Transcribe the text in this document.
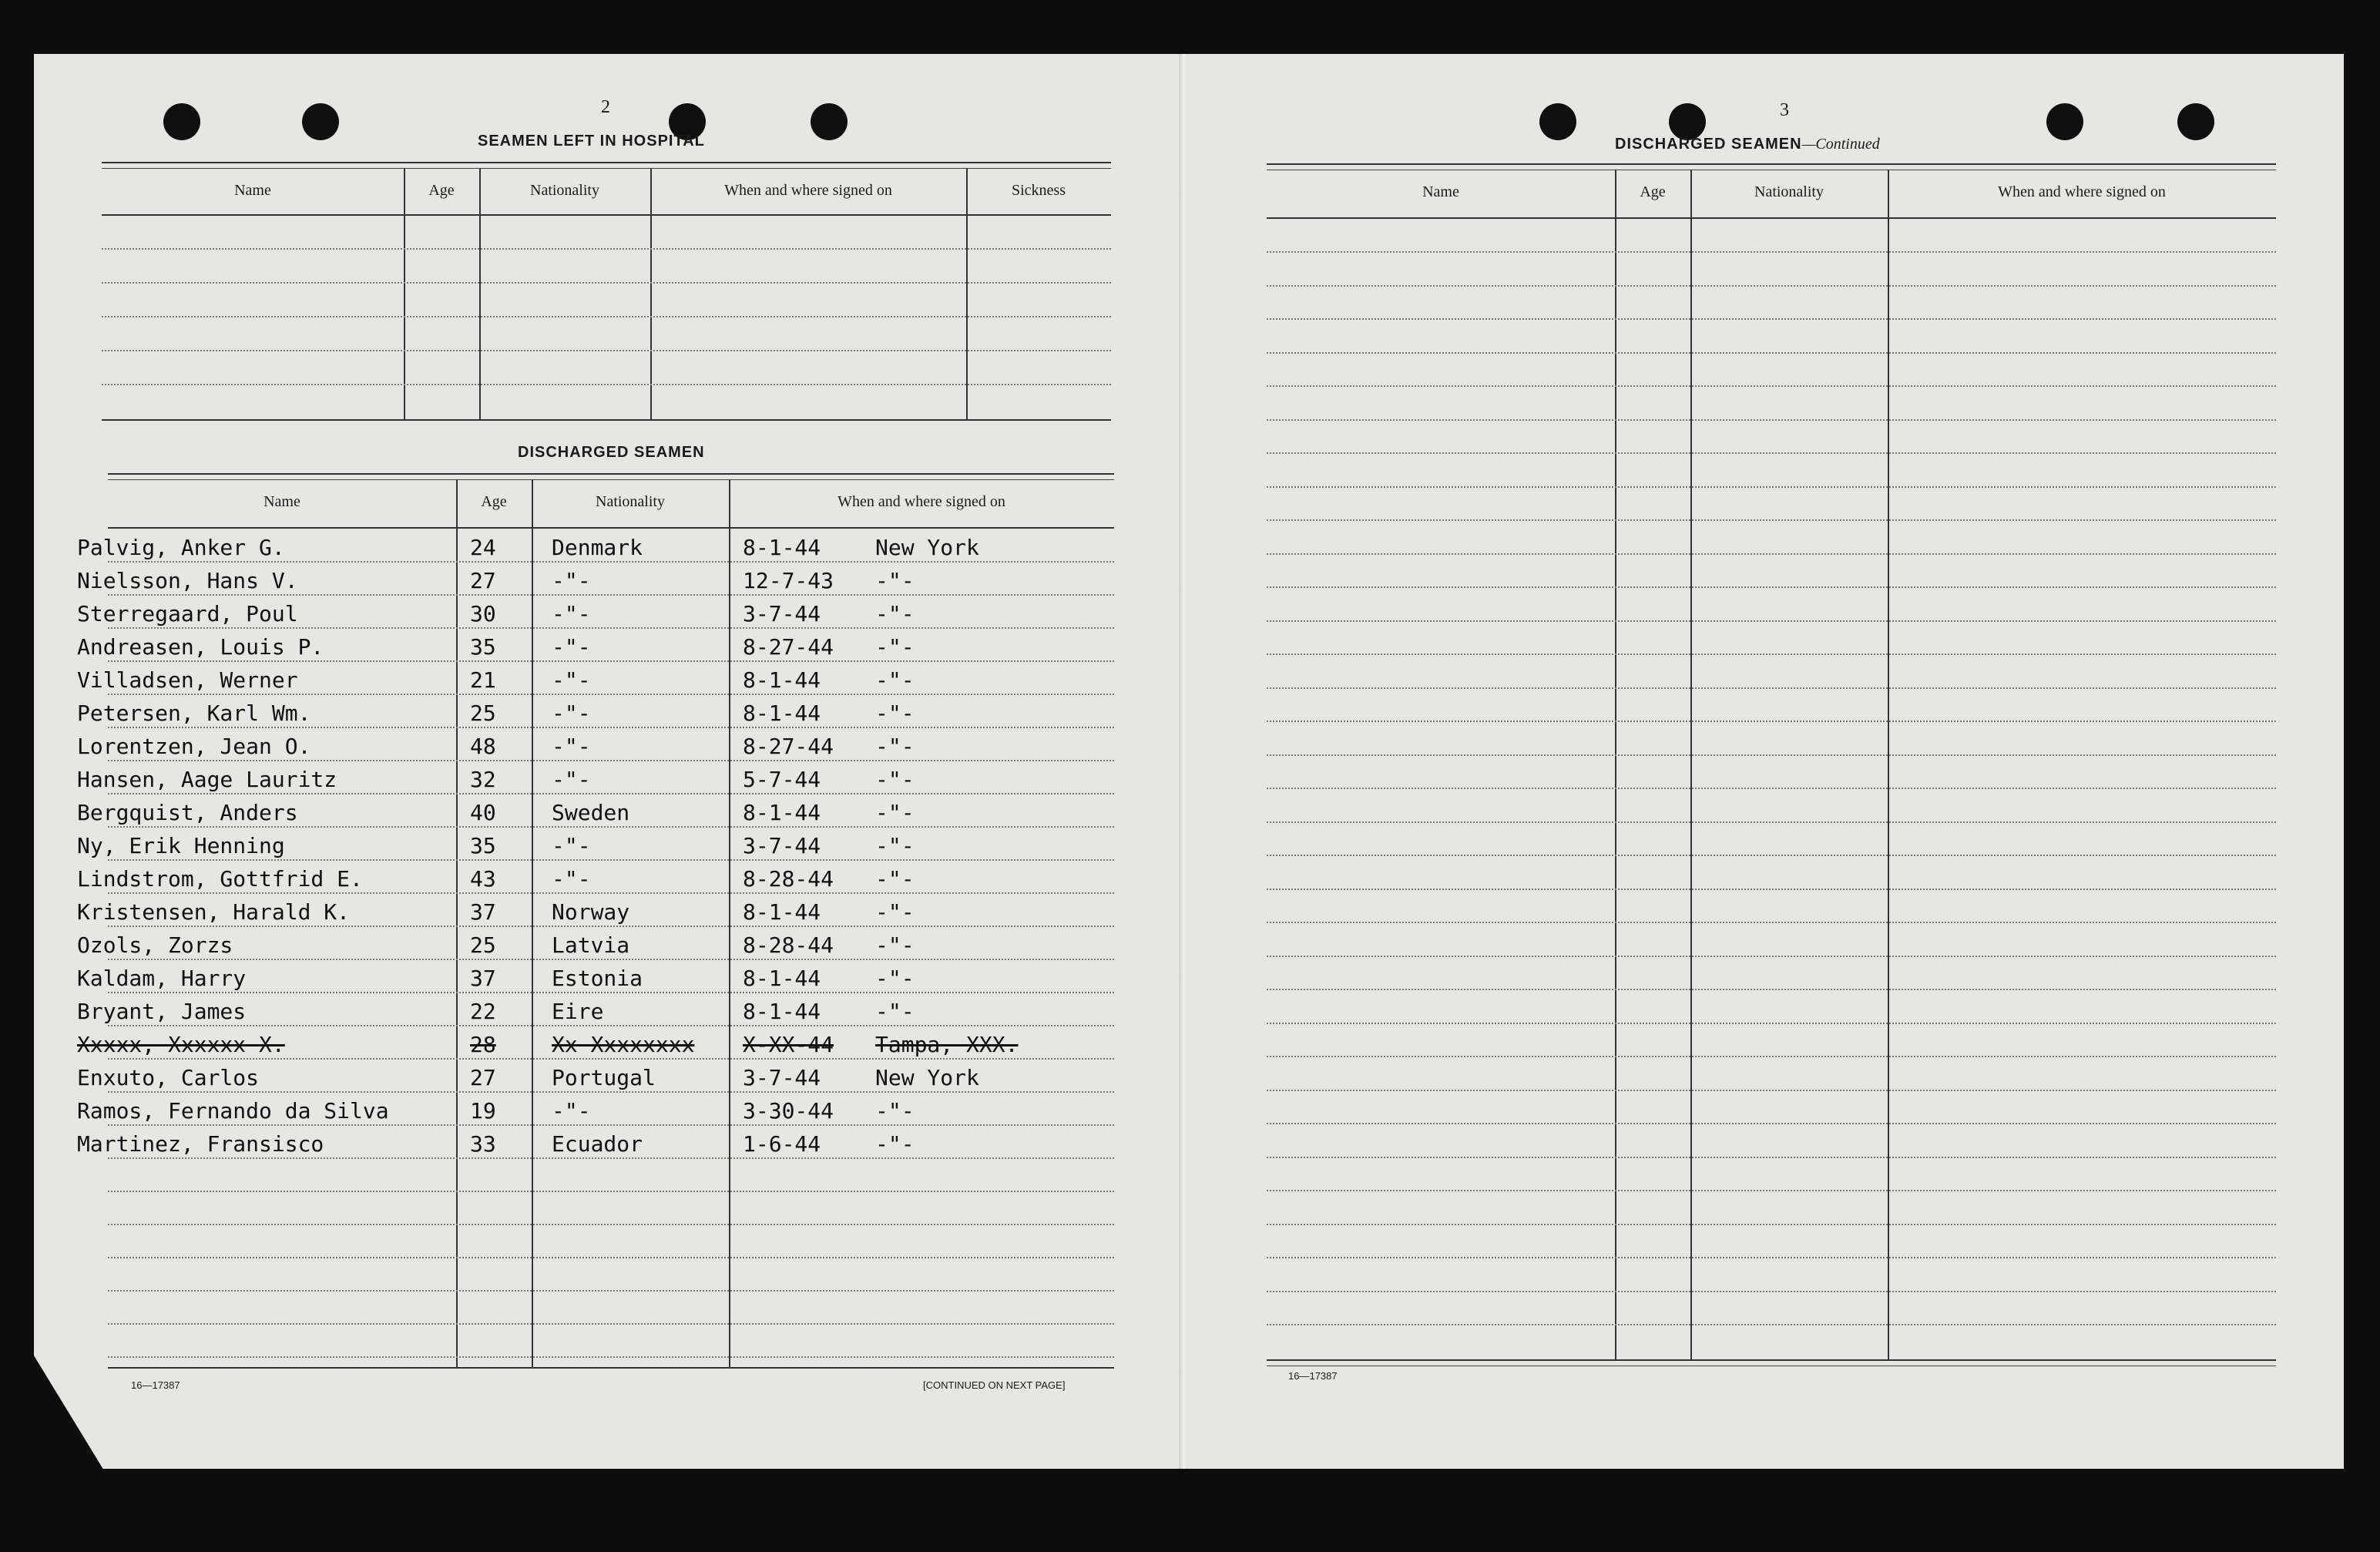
2
SEAMEN LEFT IN HOSPITAL
Name	Age	Nationality	When and where signed on	Sickness
DISCHARGED SEAMEN
Name	Age	Nationality	When and where signed on
Palvig, Anker G.	24	Denmark	8-1-44	New York
Nielsson, Hans V.	27	-"-	12-7-43 -"-
Sterregaard, Poul	30	-"-	3-7-44	-"-
Andreasen, Louis P.	35	-"-	8-27-44 -"-
Villadsen, Werner	21	-"-	8-1-44	-"-
Petersen, Karl Wm.	25	-"-	8-1-44	-"-
Lorentzen, Jean O.	48	-"-	8-27-44 -"-
Hansen, Aage Lauritz	32	-"-	5-7-44	-"-
Bergquist, Anders	40	Sweden	8-1-44	-"-
Ny, Erik Henning	35	-"-	3-7-44	-"-
Lindstrom, Gottfrid E.	43	-"-	8-28-44 -"-
Kristensen, Harald K.	37	Norway	8-1-44	-"-
Ozols, Zorzs	25	Latvia	8-28-44 -"-
Kaldam, Harry	37	Estonia	8-1-44	-"-
Bryant, James	22	Eire	8-1-44	-"-
Xxxxx, Xxxxxx X.	28	Xx Xxxxxxxx X-XX-44 Tampa, XXX.
Enxuto, Carlos	27	Portugal	3-7-44	New York
Ramos, Fernando da Silva	19	-"-	3-30-44 -"-
Martinez, Fransisco	33	Ecuador	1-6-44	-"-
16—17387	[CONTINUED ON NEXT PAGE]
3
DISCHARGED SEAMEN—Continued
Name	Age	Nationality	When and where signed on
16—17387
